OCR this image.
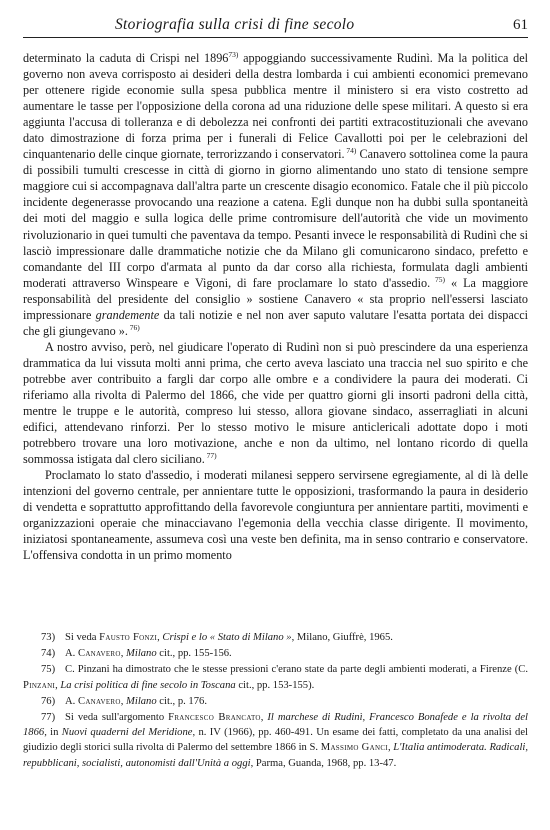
Storiografia sulla crisi di fine secolo	61

determinato la caduta di Crispi nel 1896$^{73)}$ appoggiando successivamente Rudinì. Ma la politica del governo non aveva corrisposto ai desideri della destra lombarda i cui ambienti economici premevano per ottenere rigide economie sulla spesa pubblica mentre il ministero si era visto costretto ad aumentare le tasse per l'opposizione della corona ad una riduzione delle spese militari. A questo si era aggiunta l'accusa di tolleranza e di debolezza nei confronti dei partiti extracostituzionali che avevano dato dimostrazione di forza prima per i funerali di Felice Cavallotti poi per le celebrazioni del cinquantenario delle cinque giornate, terrorizzando i conservatori. $^{74)}$ Canavero sottolinea come la paura di possibili tumulti crescesse in città di giorno in giorno alimentando uno stato di tensione sempre maggiore cui si accompagnava dall'altra parte un crescente disagio economico. Fatale che il più piccolo incidente degenerasse provocando una reazione a catena. Egli dunque non ha dubbi sulla spontaneità dei moti del maggio e sulla logica delle prime contromisure dell'autorità che vide un movimento rivoluzionario in quei tumulti che paventava da tempo. Pesanti invece le responsabilità di Rudinì che si lasciò impressionare dalle drammatiche notizie che da Milano gli comunicarono sindaco, prefetto e comandante del III corpo d'armata al punto da dar corso alla richiesta, formulata dagli ambienti moderati attraverso Winspeare e Vigoni, di fare proclamare lo stato d'assedio. $^{75)}$ « La maggiore responsabilità del presidente del consiglio » sostiene Canavero « sta proprio nell'essersi lasciato impressionare grandemente da tali notizie e nel non aver saputo valutare l'esatta portata dei dispacci che gli giungevano ». $^{76)}$

A nostro avviso, però, nel giudicare l'operato di Rudinì non si può prescindere da una esperienza drammatica da lui vissuta molti anni prima, che certo aveva lasciato una traccia nel suo spirito e che potrebbe aver contribuito a fargli dar corpo alle ombre e a condividere la paura dei moderati. Ci riferiamo alla rivolta di Palermo del 1866, che vide per quattro giorni gli insorti padroni della città, mentre le truppe e le autorità, compreso lui stesso, allora giovane sindaco, asserragliati in alcuni edifici, attendevano rinforzi. Per lo stesso motivo le misure anticlericali adottate dopo i moti potrebbero trovare una loro motivazione, anche e non da ultimo, nel lontano ricordo di quella sommossa istigata dal clero siciliano. $^{77)}$

Proclamato lo stato d'assedio, i moderati milanesi seppero servirsene egregiamente, al di là delle intenzioni del governo centrale, per annientare tutte le opposizioni, trasformando la paura in desiderio di vendetta e soprattutto approfittando della favorevole congiuntura per annientare partiti, movimenti e organizzazioni operaie che minacciavano l'egemonia della vecchia classe dirigente. Il movimento, iniziatosi spontaneamente, assumeva così una veste ben definita, ma in senso contrario e conservatore. L'offensiva condotta in un primo momento

73) Si veda Fausto Fonzi, Crispi e lo « Stato di Milano », Milano, Giuffrè, 1965.

74) A. Canavero, Milano cit., pp. 155-156.

75) C. Pinzani ha dimostrato che le stesse pressioni c'erano state da parte degli ambienti moderati, a Firenze (C. Pinzani, La crisi politica di fine secolo in Toscana cit., pp. 153-155).

76) A. Canavero, Milano cit., p. 176.

77) Si veda sull'argomento Francesco Brancato, Il marchese di Rudinì, Francesco Bonafede e la rivolta del 1866, in Nuovi quaderni del Meridione, n. IV (1966), pp. 460-491. Un esame dei fatti, completato da una analisi del giudizio degli storici sulla rivolta di Palermo del settembre 1866 in S. Massimo Ganci, L'Italia antimoderata. Radicali, repubblicani, socialisti, autonomisti dall'Unità a oggi, Parma, Guanda, 1968, pp. 13-47.
